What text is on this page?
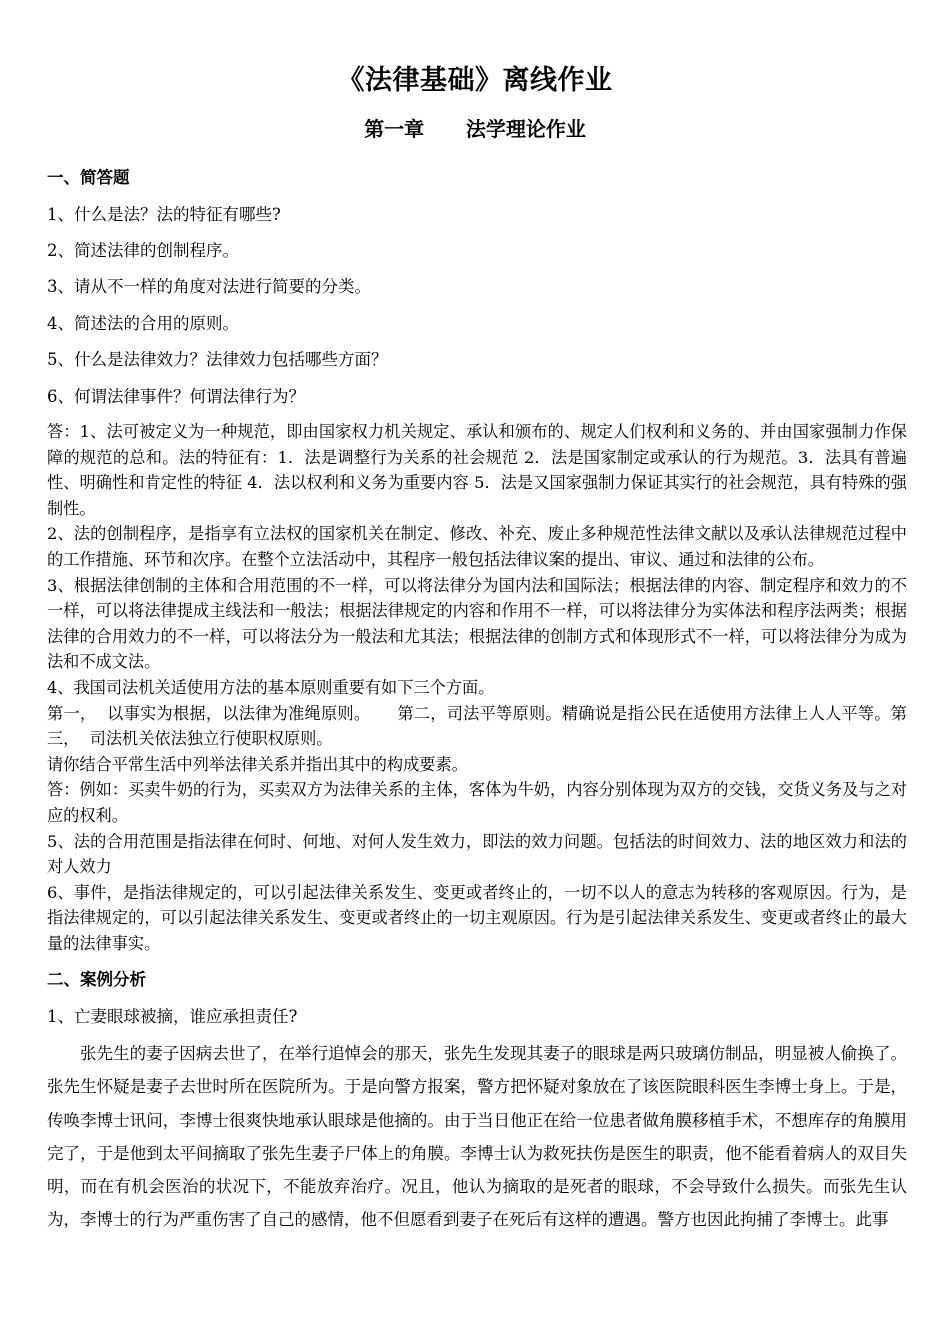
《法律基础》离线作业
第一章      法学理论作业
一、简答题
1、什么是法？法的特征有哪些?
2、简述法律的创制程序。
3、请从不一样的角度对法进行简要的分类。
4、简述法的合用的原则。
5、什么是法律效力？法律效力包括哪些方面？
6、何谓法律事件？何谓法律行为？

答：1、法可被定义为一种规范，即由国家权力机关规定、承认和颁布的、规定人们权利和义务的、并由国家强制力作保障的规范的总和。法的特征有：1．法是调整行为关系的社会规范 2．法是国家制定或承认的行为规范。3．法具有普遍性、明确性和肯定性的特征 4．法以权利和义务为重要内容 5．法是又国家强制力保证其实行的社会规范，具有特殊的强制性。

2、法的创制程序，是指享有立法权的国家机关在制定、修改、补充、废止多种规范性法律文献以及承认法律规范过程中的工作措施、环节和次序。在整个立法活动中，其程序一般包括法律议案的提出、审议、通过和法律的公布。

3、根据法律创制的主体和合用范围的不一样，可以将法律分为国内法和国际法；根据法律的内容、制定程序和效力的不一样，可以将法律提成主线法和一般法；根据法律规定的内容和作用不一样，可以将法律分为实体法和程序法两类；根据法律的合用效力的不一样，可以将法分为一般法和尤其法；根据法律的创制方式和体现形式不一样，可以将法律分为成为法和不成文法。

4、我国司法机关适使用方法的基本原则重要有如下三个方面。

第一，  以事实为根据，以法律为准绳原则。     第二，司法平等原则。精确说是指公民在适使用方法律上人人平等。第三，  司法机关依法独立行使职权原则。

请你结合平常生活中列举法律关系并指出其中的构成要素。

答：例如：买卖牛奶的行为，买卖双方为法律关系的主体，客体为牛奶，内容分别体现为双方的交钱，交货义务及与之对应的权利。

5、法的合用范围是指法律在何时、何地、对何人发生效力，即法的效力问题。包括法的时间效力、法的地区效力和法的对人效力

6、事件，是指法律规定的，可以引起法律关系发生、变更或者终止的，一切不以人的意志为转移的客观原因。行为，是指法律规定的，可以引起法律关系发生、变更或者终止的一切主观原因。行为是引起法律关系发生、变更或者终止的最大量的法律事实。

二、案例分析
1、亡妻眼球被摘，谁应承担责任?
张先生的妻子因病去世了，在举行追悼会的那天，张先生发现其妻子的眼球是两只玻璃仿制品，明显被人偷换了。张先生怀疑是妻子去世时所在医院所为。于是向警方报案，警方把怀疑对象放在了该医院眼科医生李博士身上。于是，传唤李博士讯问，李博士很爽快地承认眼球是他摘的。由于当日他正在给一位患者做角膜移植手术，不想库存的角膜用完了，于是他到太平间摘取了张先生妻子尸体上的角膜。李博士认为救死扶伤是医生的职责，他不能看着病人的双目失明，而在有机会医治的状况下，不能放弃治疗。况且，他认为摘取的是死者的眼球，不会导致什么损失。而张先生认为，李博士的行为严重伤害了自己的感情，他不但愿看到妻子在死后有这样的遭遇。警方也因此拘捕了李博士。此事
